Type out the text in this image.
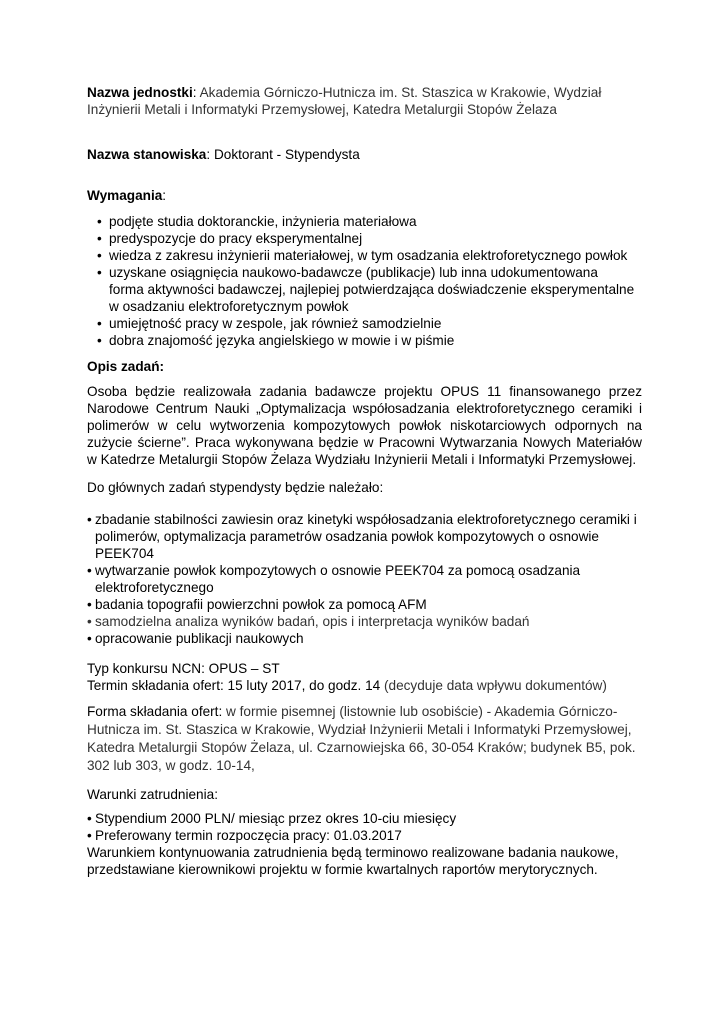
Nazwa jednostki: Akademia Górniczo-Hutnicza im. St. Staszica w Krakowie, Wydział Inżynierii Metali i Informatyki Przemysłowej, Katedra Metalurgii Stopów Żelaza
Nazwa stanowiska: Doktorant - Stypendysta
Wymagania:
• podjęte studia doktoranckie, inżynieria materiałowa
• predyspozycje do pracy eksperymentalnej
• wiedza z zakresu inżynierii materiałowej, w tym osadzania elektroforetycznego powłok
• uzyskane osiągnięcia naukowo-badawcze (publikacje) lub inna udokumentowana forma aktywności badawczej, najlepiej potwierdzająca doświadczenie eksperymentalne w osadzaniu elektroforetycznym powłok
• umiejętność pracy w zespole, jak również samodzielnie
• dobra znajomość języka angielskiego w mowie i w piśmie
Opis zadań:
Osoba będzie realizowała zadania badawcze projektu OPUS 11 finansowanego przez Narodowe Centrum Nauki „Optymalizacja współosadzania elektroforetycznego ceramiki i polimerów w celu wytworzenia kompozytowych powłok niskotarciowych odpornych na zużycie ścierne”. Praca wykonywana będzie w Pracowni Wytwarzania Nowych Materiałów w Katedrze Metalurgii Stopów Żelaza Wydziału Inżynierii Metali i Informatyki Przemysłowej.
Do głównych zadań stypendysty będzie należało:
• zbadanie stabilności zawiesin oraz kinetyki współosadzania elektroforetycznego ceramiki i polimerów, optymalizacja parametrów osadzania powłok kompozytowych o osnowie PEEK704
• wytwarzanie powłok kompozytowych o osnowie PEEK704 za pomocą osadzania elektroforetycznego
• badania topografii powierzchni powłok za pomocą AFM
• samodzielna analiza wyników badań, opis i interpretacja wyników badań
• opracowanie publikacji naukowych
Typ konkursu NCN: OPUS – ST
Termin składania ofert: 15 luty 2017, do godz. 14 (decyduje data wpływu dokumentów)
Forma składania ofert: w formie pisemnej (listownie lub osobiście) - Akademia Górniczo-Hutnicza im. St. Staszica w Krakowie, Wydział Inżynierii Metali i Informatyki Przemysłowej, Katedra Metalurgii Stopów Żelaza, ul. Czarnowiejska 66, 30-054 Kraków; budynek B5, pok. 302 lub 303, w godz. 10-14,
Warunki zatrudnienia:
• Stypendium 2000 PLN/ miesiąc przez okres 10-ciu miesięcy
• Preferowany termin rozpoczęcia pracy: 01.03.2017
Warunkiem kontynuowania zatrudnienia będą terminowo realizowane badania naukowe, przedstawiane kierownikowi projektu w formie kwartalnych raportów merytorycznych.
